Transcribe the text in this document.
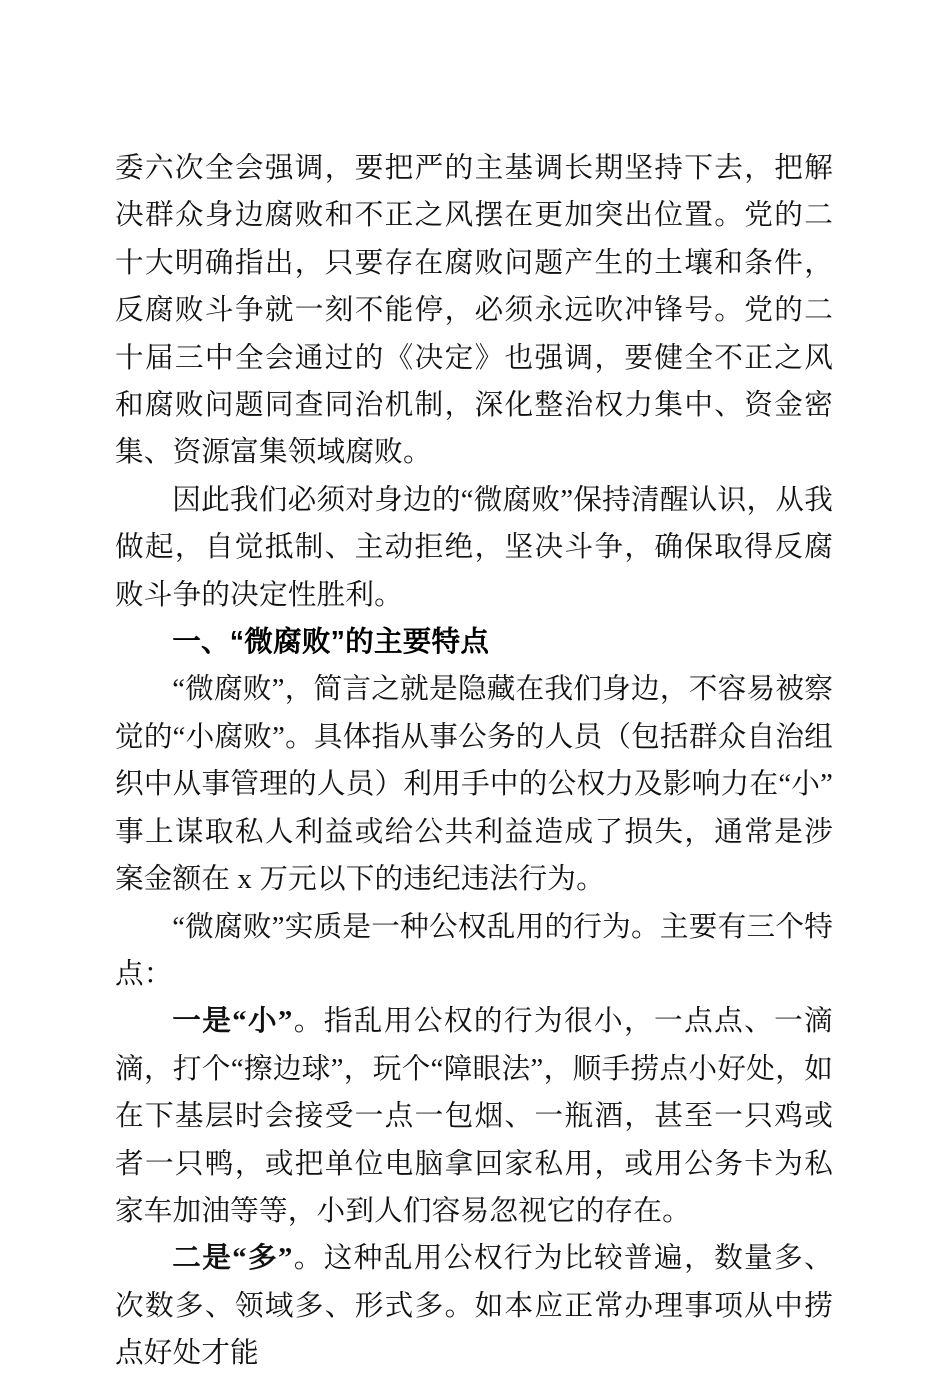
委六次全会强调，要把严的主基调长期坚持下去，把解决群众身边腐败和不正之风摆在更加突出位置。党的二十大明确指出，只要存在腐败问题产生的土壤和条件，反腐败斗争就一刻不能停，必须永远吹冲锋号。党的二十届三中全会通过的《决定》也强调，要健全不正之风和腐败问题同查同治机制，深化整治权力集中、资金密集、资源富集领域腐败。

因此我们必须对身边的“微腐败”保持清醒认识，从我做起，自觉抵制、主动拒绝，坚决斗争，确保取得反腐败斗争的决定性胜利。

一、“微腐败”的主要特点

“微腐败”，简言之就是隐藏在我们身边，不容易被察觉的“小腐败”。具体指从事公务的人员（包括群众自治组织中从事管理的人员）利用手中的公权力及影响力在“小”事上谋取私人利益或给公共利益造成了损失，通常是涉案金额在 x 万元以下的违纪违法行为。

“微腐败”实质是一种公权乱用的行为。主要有三个特点：

一是“小”。指乱用公权的行为很小，一点点、一滴滴，打个“擦边球”，玩个“障眼法”，顺手捞点小好处，如在下基层时会接受一点一包烟、一瓶酒，甚至一只鸡或者一只鸭，或把单位电脑拿回家私用，或用公务卡为私家车加油等等，小到人们容易忽视它的存在。

二是“多”。这种乱用公权行为比较普遍，数量多、次数多、领域多、形式多。如本应正常办理事项从中捞点好处才能
